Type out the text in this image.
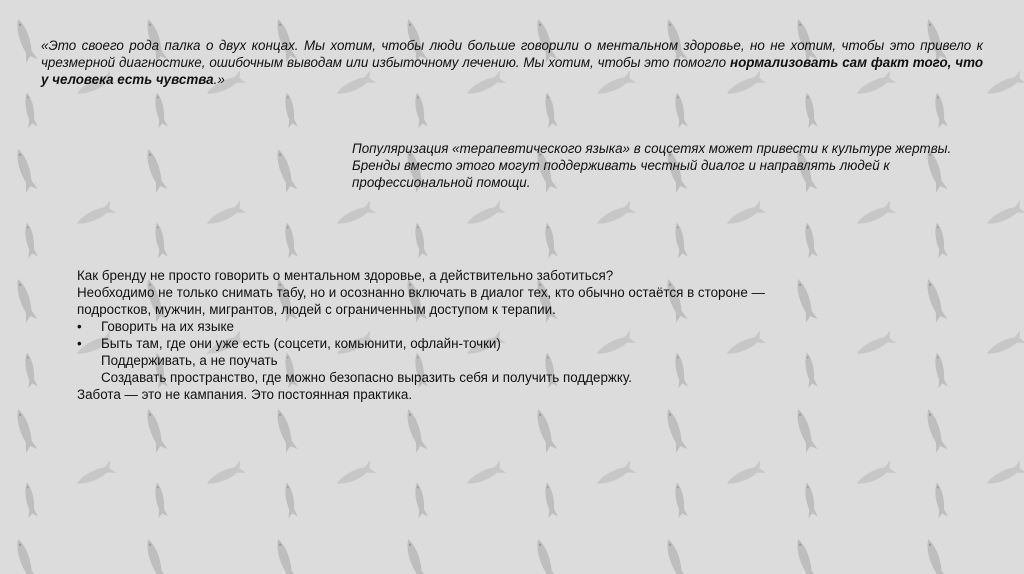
«Это своего рода палка о двух концах. Мы хотим, чтобы люди больше говорили о ментальном здоровье, но не хотим, чтобы это привело к чрезмерной диагностике, ошибочным выводам или избыточному лечению. Мы хотим, чтобы это помогло нормализовать сам факт того, что у человека есть чувства.»
Популяризация «терапевтического языка» в соцсетях может привести к культуре жертвы. Бренды вместо этого могут поддерживать честный диалог и направлять людей к профессиональной помощи.
Как бренду не просто говорить о ментальном здоровье, а действительно заботиться?
Необходимо не только снимать табу, но и осознанно включать в диалог тех, кто обычно остаётся в стороне —
подростков, мужчин, мигрантов, людей с ограниченным доступом к терапии.
•	Говорить на их языке
•	Быть там, где они уже есть (соцсети, комьюнити, офлайн-точки)
Поддерживать, а не поучать
Создавать пространство, где можно безопасно выразить себя и получить поддержку.
Забота — это не кампания. Это постоянная практика.
